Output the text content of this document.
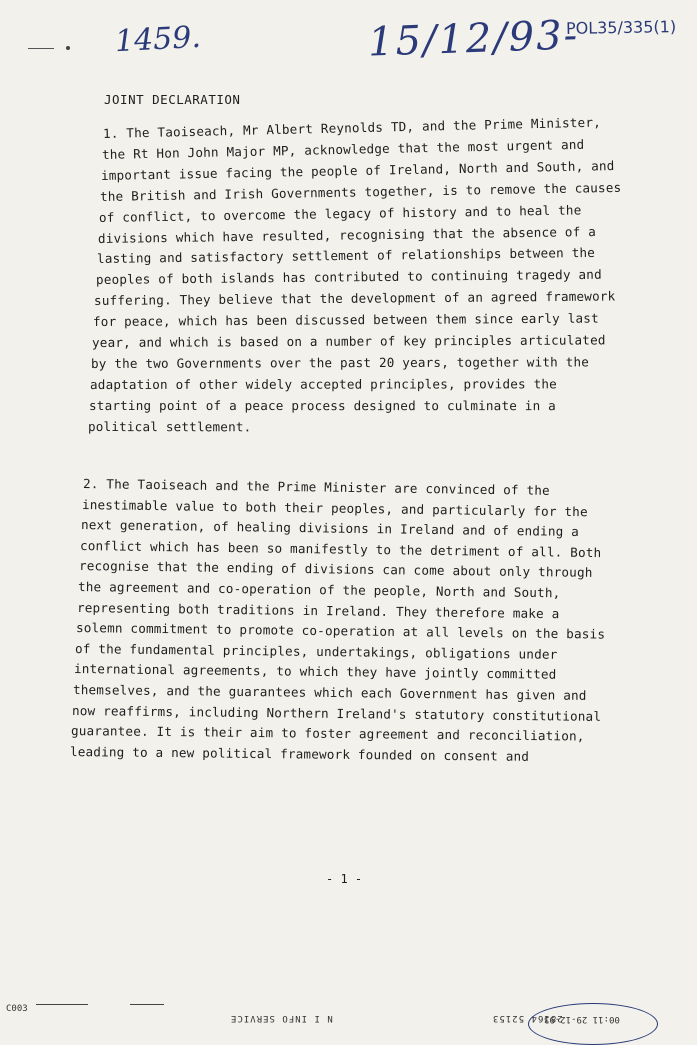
1459.	15/12/93-
POL35/335(1)
JOINT DECLARATION
1. The Taoiseach, Mr Albert Reynolds TD, and the Prime Minister,
the Rt Hon John Major MP, acknowledge that the most urgent and
important issue facing the people of Ireland, North and South, and
the British and Irish Governments together, is to remove the causes
of conflict, to overcome the legacy of history and to heal the
divisions which have resulted, recognising that the absence of a
lasting and satisfactory settlement of relationships between the
peoples of both islands has contributed to continuing tragedy and
suffering. They believe that the development of an agreed framework
for peace, which has been discussed between them since early last
year, and which is based on a number of key principles articulated
by the two Governments over the past 20 years, together with the
adaptation of other widely accepted principles, provides the
starting point of a peace process designed to culminate in a
political settlement.
2. The Taoiseach and the Prime Minister are convinced of the
inestimable value to both their peoples, and particularly for the
next generation, of healing divisions in Ireland and of ending a
conflict which has been so manifestly to the detriment of all. Both
recognise that the ending of divisions can come about only through
the agreement and co-operation of the people, North and South,
representing both traditions in Ireland. They therefore make a
solemn commitment to promote co-operation at all levels on the basis
of the fundamental principles, undertakings, obligations under
international agreements, to which they have jointly committed
themselves, and the guarantees which each Government has given and
now reaffirms, including Northern Ireland's statutory constitutional
guarantee. It is their aim to foster agreement and reconciliation,
leading to a new political framework founded on consent and
- 1 -
C003
N I INFO SERVICE	28164 52153
00:11 29-12-93
